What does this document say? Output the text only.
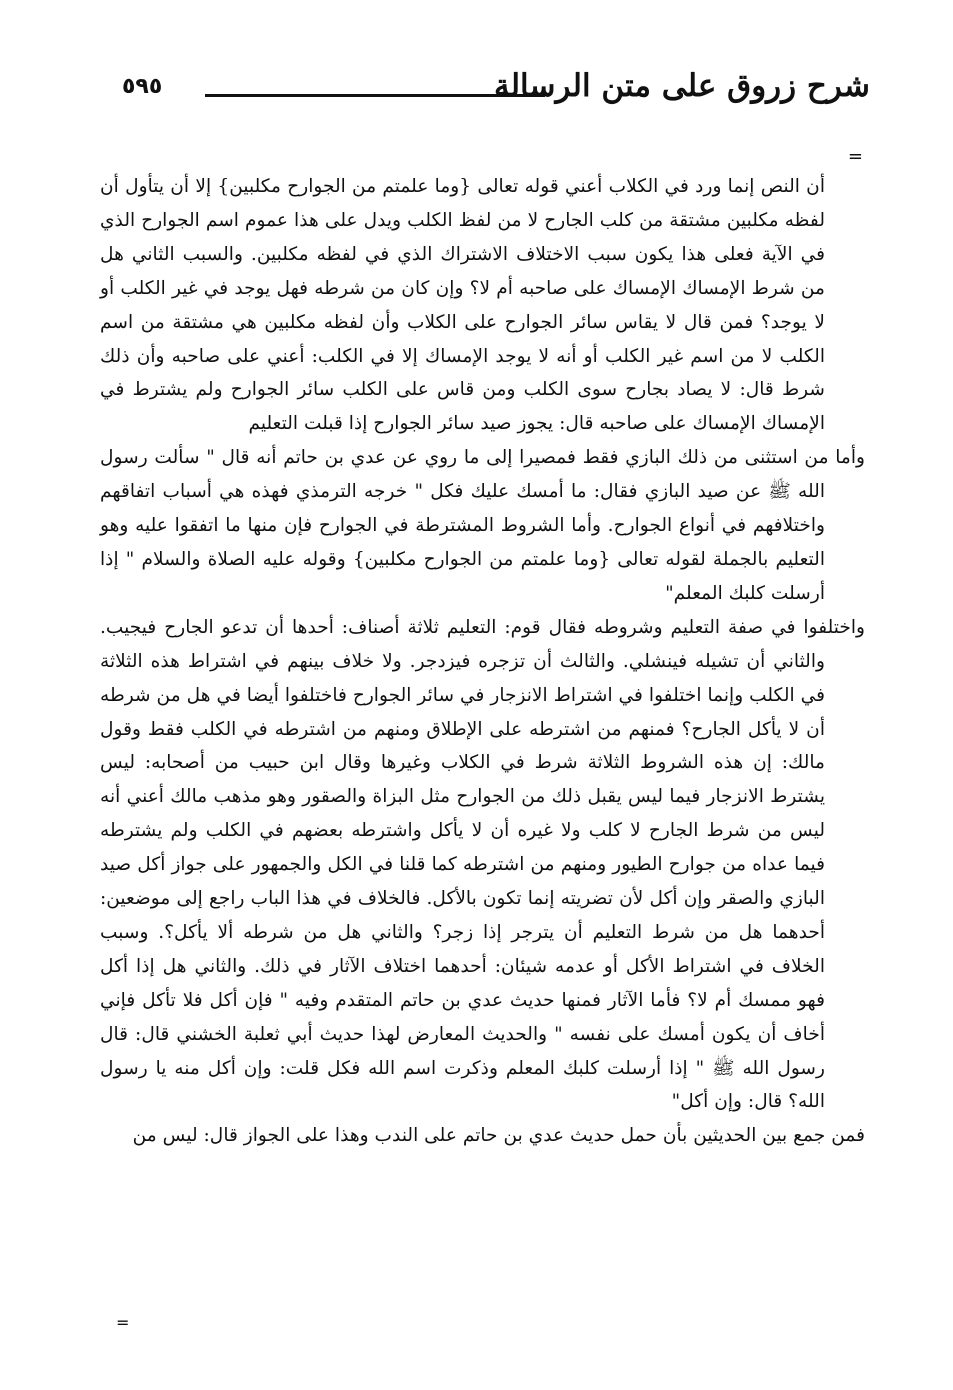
شرح زروق على متن الرسالة
٥٩٥
=

أن النص إنما ورد في الكلاب أعني قوله تعالى {وما علمتم من الجوارح مكلبين} إلا أن يتأول أن لفظه مكلبين مشتقة من كلب الجارح لا من لفظ الكلب ويدل على هذا عموم اسم الجوارح الذي في الآية فعلى هذا يكون سبب الاختلاف الاشتراك الذي في لفظه مكلبين. والسبب الثاني هل من شرط الإمساك الإمساك على صاحبه أم لا؟ وإن كان من شرطه فهل يوجد في غير الكلب أو لا يوجد؟ فمن قال لا يقاس سائر الجوارح على الكلاب وأن لفظه مكلبين هي مشتقة من اسم الكلب لا من اسم غير الكلب أو أنه لا يوجد الإمساك إلا في الكلب: أعني على صاحبه وأن ذلك شرط قال: لا يصاد بجارح سوى الكلب ومن قاس على الكلب سائر الجوارح ولم يشترط في الإمساك الإمساك على صاحبه قال: يجوز صيد سائر الجوارح إذا قبلت التعليم

وأما من استثنى من ذلك البازي فقط فمصيرا إلى ما روي عن عدي بن حاتم أنه قال " سألت رسول الله ﷺ عن صيد البازي فقال: ما أمسك عليك فكل " خرجه الترمذي فهذه هي أسباب اتفاقهم واختلافهم في أنواع الجوارح. وأما الشروط المشترطة في الجوارح فإن منها ما اتفقوا عليه وهو التعليم بالجملة لقوله تعالى {وما علمتم من الجوارح مكلبين} وقوله عليه الصلاة والسلام " إذا أرسلت كلبك المعلم"

واختلفوا في صفة التعليم وشروطه فقال قوم: التعليم ثلاثة أصناف: أحدها أن تدعو الجارح فيجيب. والثاني أن تشيله فينشلي. والثالث أن تزجره فيزدجر. ولا خلاف بينهم في اشتراط هذه الثلاثة في الكلب وإنما اختلفوا في اشتراط الانزجار في سائر الجوارح فاختلفوا أيضا في هل من شرطه أن لا يأكل الجارح؟ فمنهم من اشترطه على الإطلاق ومنهم من اشترطه في الكلب فقط وقول مالك: إن هذه الشروط الثلاثة شرط في الكلاب وغيرها وقال ابن حبيب من أصحابه: ليس يشترط الانزجار فيما ليس يقبل ذلك من الجوارح مثل البزاة والصقور وهو مذهب مالك أعني أنه ليس من شرط الجارح لا كلب ولا غيره أن لا يأكل واشترطه بعضهم في الكلب ولم يشترطه فيما عداه من جوارح الطيور ومنهم من اشترطه كما قلنا في الكل والجمهور على جواز أكل صيد البازي والصقر وإن أكل لأن تضريته إنما تكون بالأكل. فالخلاف في هذا الباب راجع إلى موضعين: أحدهما هل من شرط التعليم أن يترجر إذا زجر؟ والثاني هل من شرطه ألا يأكل؟. وسبب الخلاف في اشتراط الأكل أو عدمه شيئان: أحدهما اختلاف الآثار في ذلك. والثاني هل إذا أكل فهو ممسك أم لا؟ فأما الآثار فمنها حديث عدي بن حاتم المتقدم وفيه " فإن أكل فلا تأكل فإني أخاف أن يكون أمسك على نفسه " والحديث المعارض لهذا حديث أبي ثعلبة الخشني قال: قال رسول الله ﷺ " إذا أرسلت كلبك المعلم وذكرت اسم الله فكل قلت: وإن أكل منه يا رسول الله؟ قال: وإن أكل"

فمن جمع بين الحديثين بأن حمل حديث عدي بن حاتم على الندب وهذا على الجواز قال: ليس من

=
